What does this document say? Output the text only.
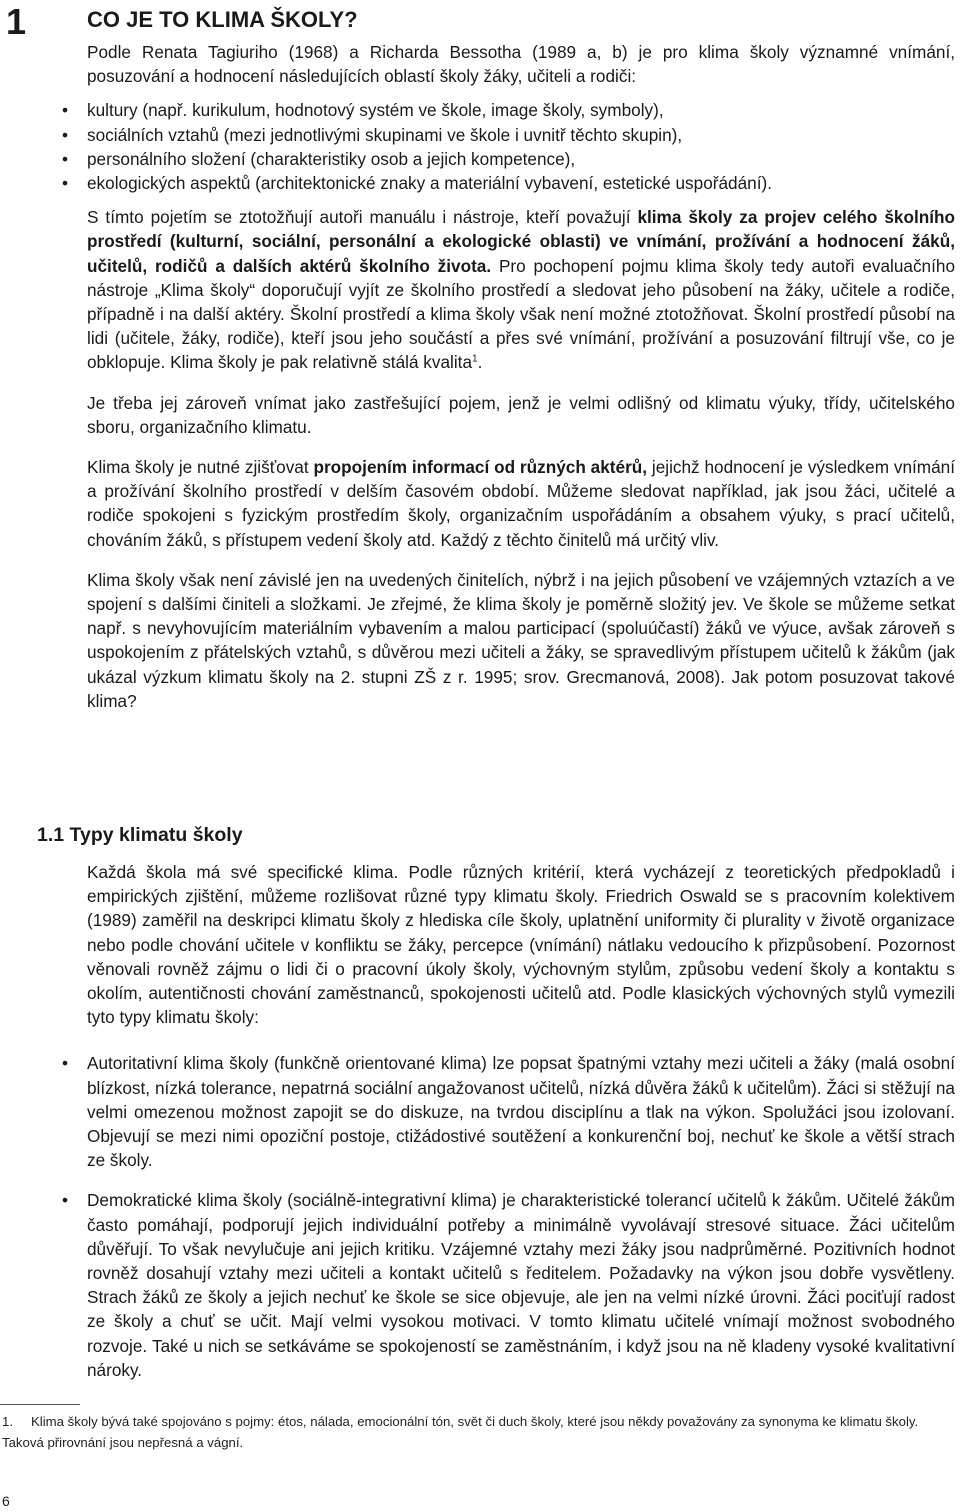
1	CO JE TO KLIMA ŠKOLY?

Podle Renata Tagiuriho (1968) a Richarda Bessotha (1989 a, b) je pro klima školy významné vnímání, posuzování a hodnocení následujících oblastí školy žáky, učiteli a rodiči:

• kultury (např. kurikulum, hodnotový systém ve škole, image školy, symboly),
• sociálních vztahů (mezi jednotlivými skupinami ve škole i uvnitř těchto skupin),
• personálního složení (charakteristiky osob a jejich kompetence),
• ekologických aspektů (architektonické znaky a materiální vybavení, estetické uspořádání).

S tímto pojetím se ztotožňují autoři manuálu i nástroje, kteří považují klima školy za projev celého školního prostředí (kulturní, sociální, personální a ekologické oblasti) ve vnímání, prožívání a hodnocení žáků, učitelů, rodičů a dalších aktérů školního života. Pro pochopení pojmu klima školy tedy autoři evaluačního nástroje „Klima školy“ doporučují vyjít ze školního prostředí a sledovat jeho působení na žáky, učitele a rodiče, případně i na další aktéry. Školní prostředí a klima školy však není možné ztotožňovat. Školní prostředí působí na lidi (učitele, žáky, rodiče), kteří jsou jeho součástí a přes své vnímání, prožívání a posuzování filtrují vše, co je obklopuje. Klima školy je pak relativně stálá kvalita$^1$.

Je třeba jej zároveň vnímat jako zastřešující pojem, jenž je velmi odlišný od klimatu výuky, třídy, učitelského sboru, organizačního klimatu.

Klima školy je nutné zjišťovat propojením informací od různých aktérů, jejichž hodnocení je výsledkem vnímání a prožívání školního prostředí v delším časovém období. Můžeme sledovat například, jak jsou žáci, učitelé a rodiče spokojeni s fyzickým prostředím školy, organizačním uspořádáním a obsahem výuky, s prací učitelů, chováním žáků, s přístupem vedení školy atd. Každý z těchto činitelů má určitý vliv.

Klima školy však není závislé jen na uvedených činitelích, nýbrž i na jejich působení ve vzájemných vztazích a ve spojení s dalšími činiteli a složkami. Je zřejmé, že klima školy je poměrně složitý jev. Ve škole se můžeme setkat např. s nevyhovujícím materiálním vybavením a malou participací (spoluúčastí) žáků ve výuce, avšak zároveň s uspokojením z přátelských vztahů, s důvěrou mezi učiteli a žáky, se spravedlivým přístupem učitelů k žákům (jak ukázal výzkum klimatu školy na 2. stupni ZŠ z r. 1995; srov. Grecmanová, 2008). Jak potom posuzovat takové klima?

1.1 Typy klimatu školy

Každá škola má své specifické klima. Podle různých kritérií, která vycházejí z teoretických předpokladů i empirických zjištění, můžeme rozlišovat různé typy klimatu školy. Friedrich Oswald se s pracovním kolektivem (1989) zaměřil na deskripci klimatu školy z hlediska cíle školy, uplatnění uniformity či plurality v životě organizace nebo podle chování učitele v konfliktu se žáky, percepce (vnímání) nátlaku vedoucího k přizpůsobení. Pozornost věnovali rovněž zájmu o lidi či o pracovní úkoly školy, výchovným stylům, způsobu vedení školy a kontaktu s okolím, autentičnosti chování zaměstnanců, spokojenosti učitelů atd. Podle klasických výchovných stylů vymezili tyto typy klimatu školy:

• Autoritativní klima školy (funkčně orientované klima) lze popsat špatnými vztahy mezi učiteli a žáky (malá osobní blízkost, nízká tolerance, nepatrná sociální angažovanost učitelů, nízká důvěra žáků k učitelům). Žáci si stěžují na velmi omezenou možnost zapojit se do diskuze, na tvrdou disciplínu a tlak na výkon. Spolužáci jsou izolovaní. Objevují se mezi nimi opoziční postoje, ctižádostivé soutěžení a konkurenční boj, nechuť ke škole a větší strach ze školy.
• Demokratické klima školy (sociálně-integrativní klima) je charakteristické tolerancí učitelů k žákům. Učitelé žákům často pomáhají, podporují jejich individuální potřeby a minimálně vyvolávají stresové situace. Žáci učitelům důvěřují. To však nevylučuje ani jejich kritiku. Vzájemné vztahy mezi žáky jsou nadprůměrné. Pozitivních hodnot rovněž dosahují vztahy mezi učiteli a kontakt učitelů s ředitelem. Požadavky na výkon jsou dobře vysvětleny. Strach žáků ze školy a jejich nechuť ke škole se sice objevuje, ale jen na velmi nízké úrovni. Žáci pociťují radost ze školy a chuť se učit. Mají velmi vysokou motivaci. V tomto klimatu učitelé vnímají možnost svobodného rozvoje. Také u nich se setkáváme se spokojeností se zaměstnáním, i když jsou na ně kladeny vysoké kvalitativní nároky.
1. Klima školy bývá také spojováno s pojmy: étos, nálada, emocionální tón, svět či duch školy, které jsou někdy považovány za synonyma ke klimatu školy. Taková přirovnání jsou nepřesná a vágní.
6
